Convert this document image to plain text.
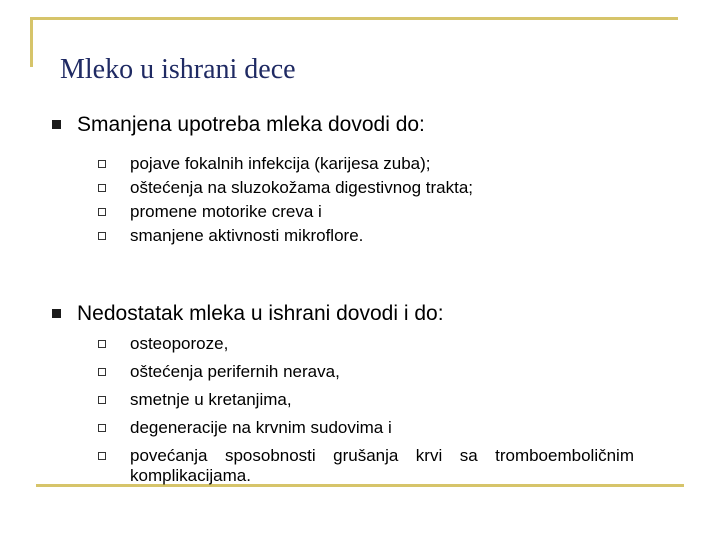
Mleko u ishrani dece
Smanjena upotreba mleka dovodi do:
pojave fokalnih infekcija (karijesa zuba);
oštećenja na sluzokožama digestivnog trakta;
promene motorike creva i
smanjene aktivnosti mikroflore.
Nedostatak mleka u ishrani dovodi i do:
osteoporoze,
oštećenja perifernih nerava,
smetnje u kretanjima,
degeneracije na krvnim sudovima i
povećanja sposobnosti grušanja krvi sa tromboemboličnim
komplikacijama.
